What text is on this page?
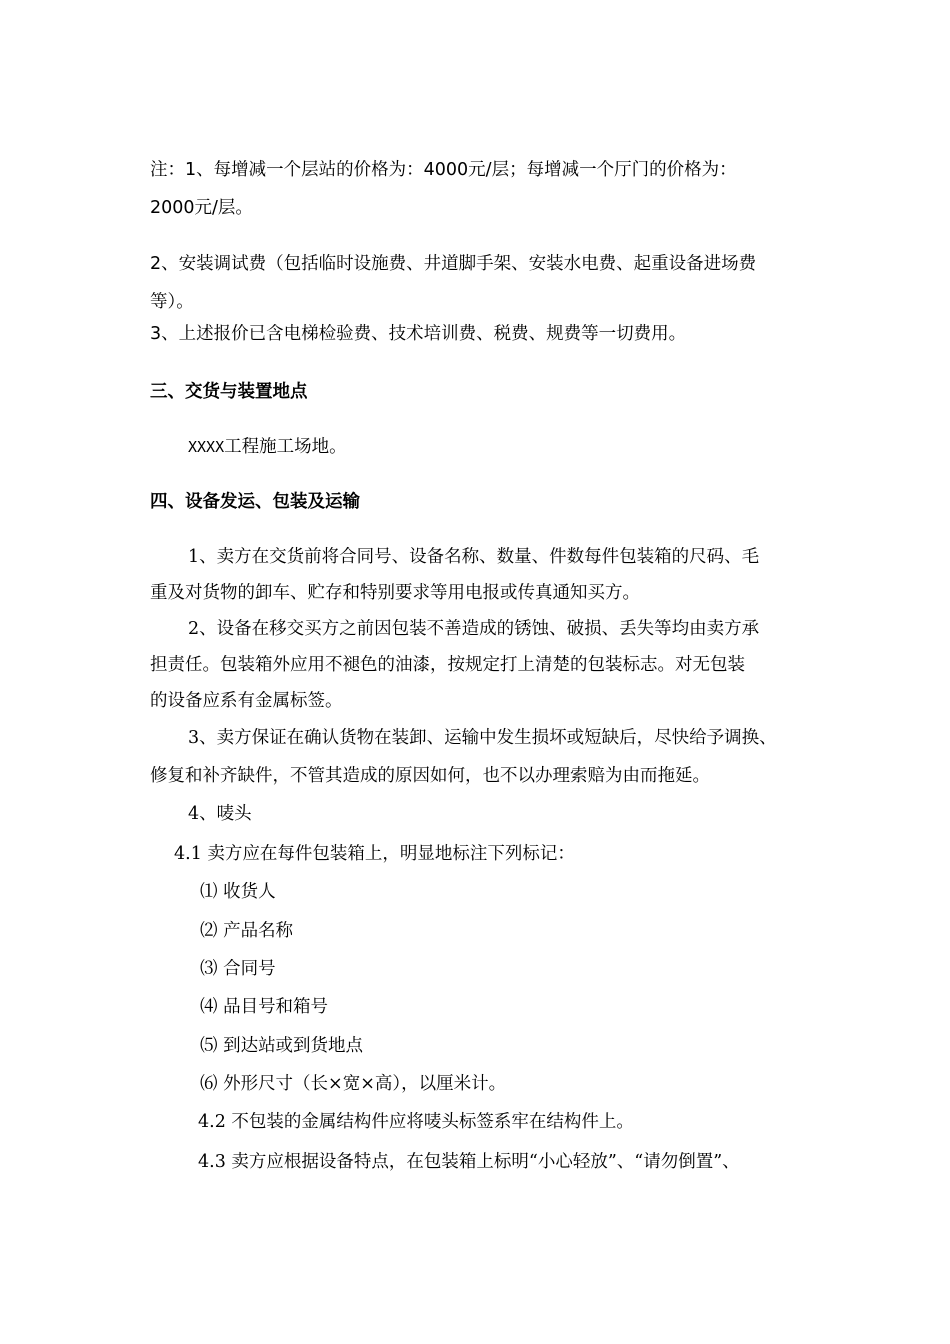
注：1、每增减一个层站的价格为：4000元/层；每增减一个厅门的价格为：
2000元/层。
2、安装调试费（包括临时设施费、井道脚手架、安装水电费、起重设备进场费
等）。
3、上述报价已含电梯检验费、技术培训费、税费、规费等一切费用。
三、交货与装置地点
XXXX工程施工场地。
四、设备发运、包装及运输
1、卖方在交货前将合同号、设备名称、数量、件数每件包装箱的尺码、毛
重及对货物的卸车、贮存和特别要求等用电报或传真通知买方。
2、设备在移交买方之前因包装不善造成的锈蚀、破损、丢失等均由卖方承
担责任。包装箱外应用不褪色的油漆，按规定打上清楚的包装标志。对无包装
的设备应系有金属标签。
3、卖方保证在确认货物在装卸、运输中发生损坏或短缺后，尽快给予调换、
修复和补齐缺件，不管其造成的原因如何，也不以办理索赔为由而拖延。
4、唛头
4.1 卖方应在每件包装箱上，明显地标注下列标记：
⑴ 收货人
⑵ 产品名称
⑶ 合同号
⑷ 品目号和箱号
⑸ 到达站或到货地点
⑹ 外形尺寸（长×宽×高），以厘米计。
4.2 不包装的金属结构件应将唛头标签系牢在结构件上。
4.3 卖方应根据设备特点，在包装箱上标明“小心轻放”、“请勿倒置”、
